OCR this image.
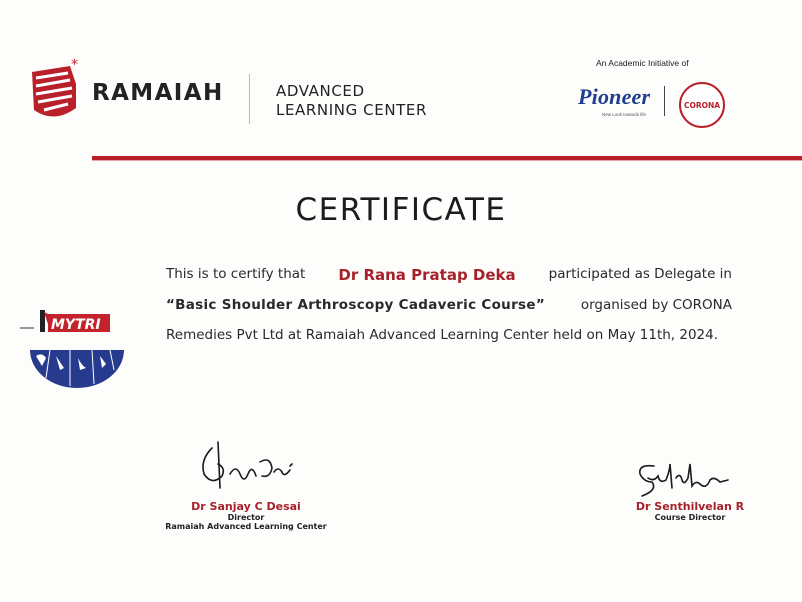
*
RAMAIAH	ADVANCED
LEARNING CENTER
An Academic Initiative of
Pioneer
New Look towards life
CORONA
CERTIFICATE
This is to certify that Dr Rana Pratap Deka participated as Delegate in
“Basic Shoulder Arthroscopy Cadaveric Course”	organised by CORONA
Remedies Pvt Ltd at Ramaiah Advanced Learning Center held on May 11th, 2024.
MYTRI
Dr Sanjay C Desai
Director
Ramaiah Advanced Learning Center
Dr Senthilvelan R
Course Director
